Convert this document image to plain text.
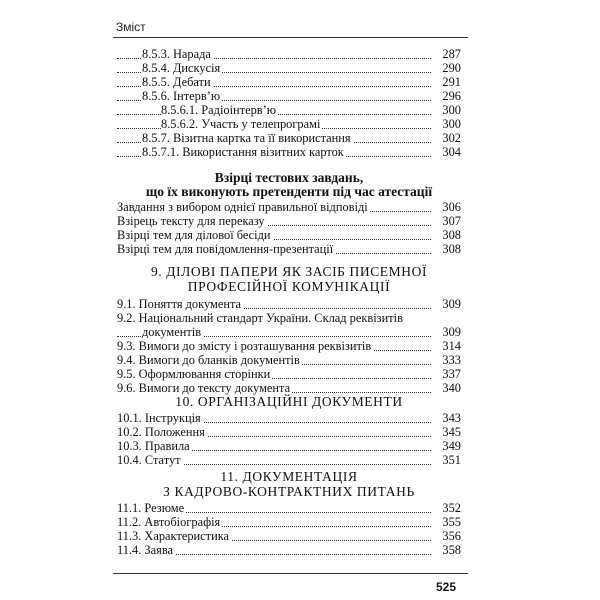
Зміст
8.5.3. Нарада	287
8.5.4. Дискусія	290
8.5.5. Дебати	291
8.5.6. Інтерв’ю	296
8.5.6.1. Радіоінтерв’ю	300
8.5.6.2. Участь у телепрограмі	300
8.5.7. Візитна картка та її використання	302
8.5.7.1. Використання візитних карток	304
Взірці тестових завдань,
що їх виконують претенденти під час атестації
Завдання з вибором однієї правильної відповіді	306
Взірець тексту для переказу	307
Взірці тем для ділової бесіди	308
Взірці тем для повідомлення-презентації	308
9. ДІЛОВІ ПАПЕРИ ЯК ЗАСІБ ПИСЕМНОЇ
ПРОФЕСІЙНОЇ КОМУНІКАЦІЇ
9.1. Поняття документа	309
9.2. Національний стандарт України. Склад реквізитів
документів	309
9.3. Вимоги до змісту і розташування реквізитів	314
9.4. Вимоги до бланків документів	333
9.5. Оформлювання сторінки	337
9.6. Вимоги до тексту документа	340
10. ОРГАНІЗАЦІЙНІ ДОКУМЕНТИ
10.1. Інструкція	343
10.2. Положення	345
10.3. Правила	349
10.4. Статут	351
11. ДОКУМЕНТАЦІЯ
З КАДРОВО-КОНТРАКТНИХ ПИТАНЬ
11.1. Резюме	352
11.2. Автобіографія	355
11.3. Характеристика	356
11.4. Заява	358
525
